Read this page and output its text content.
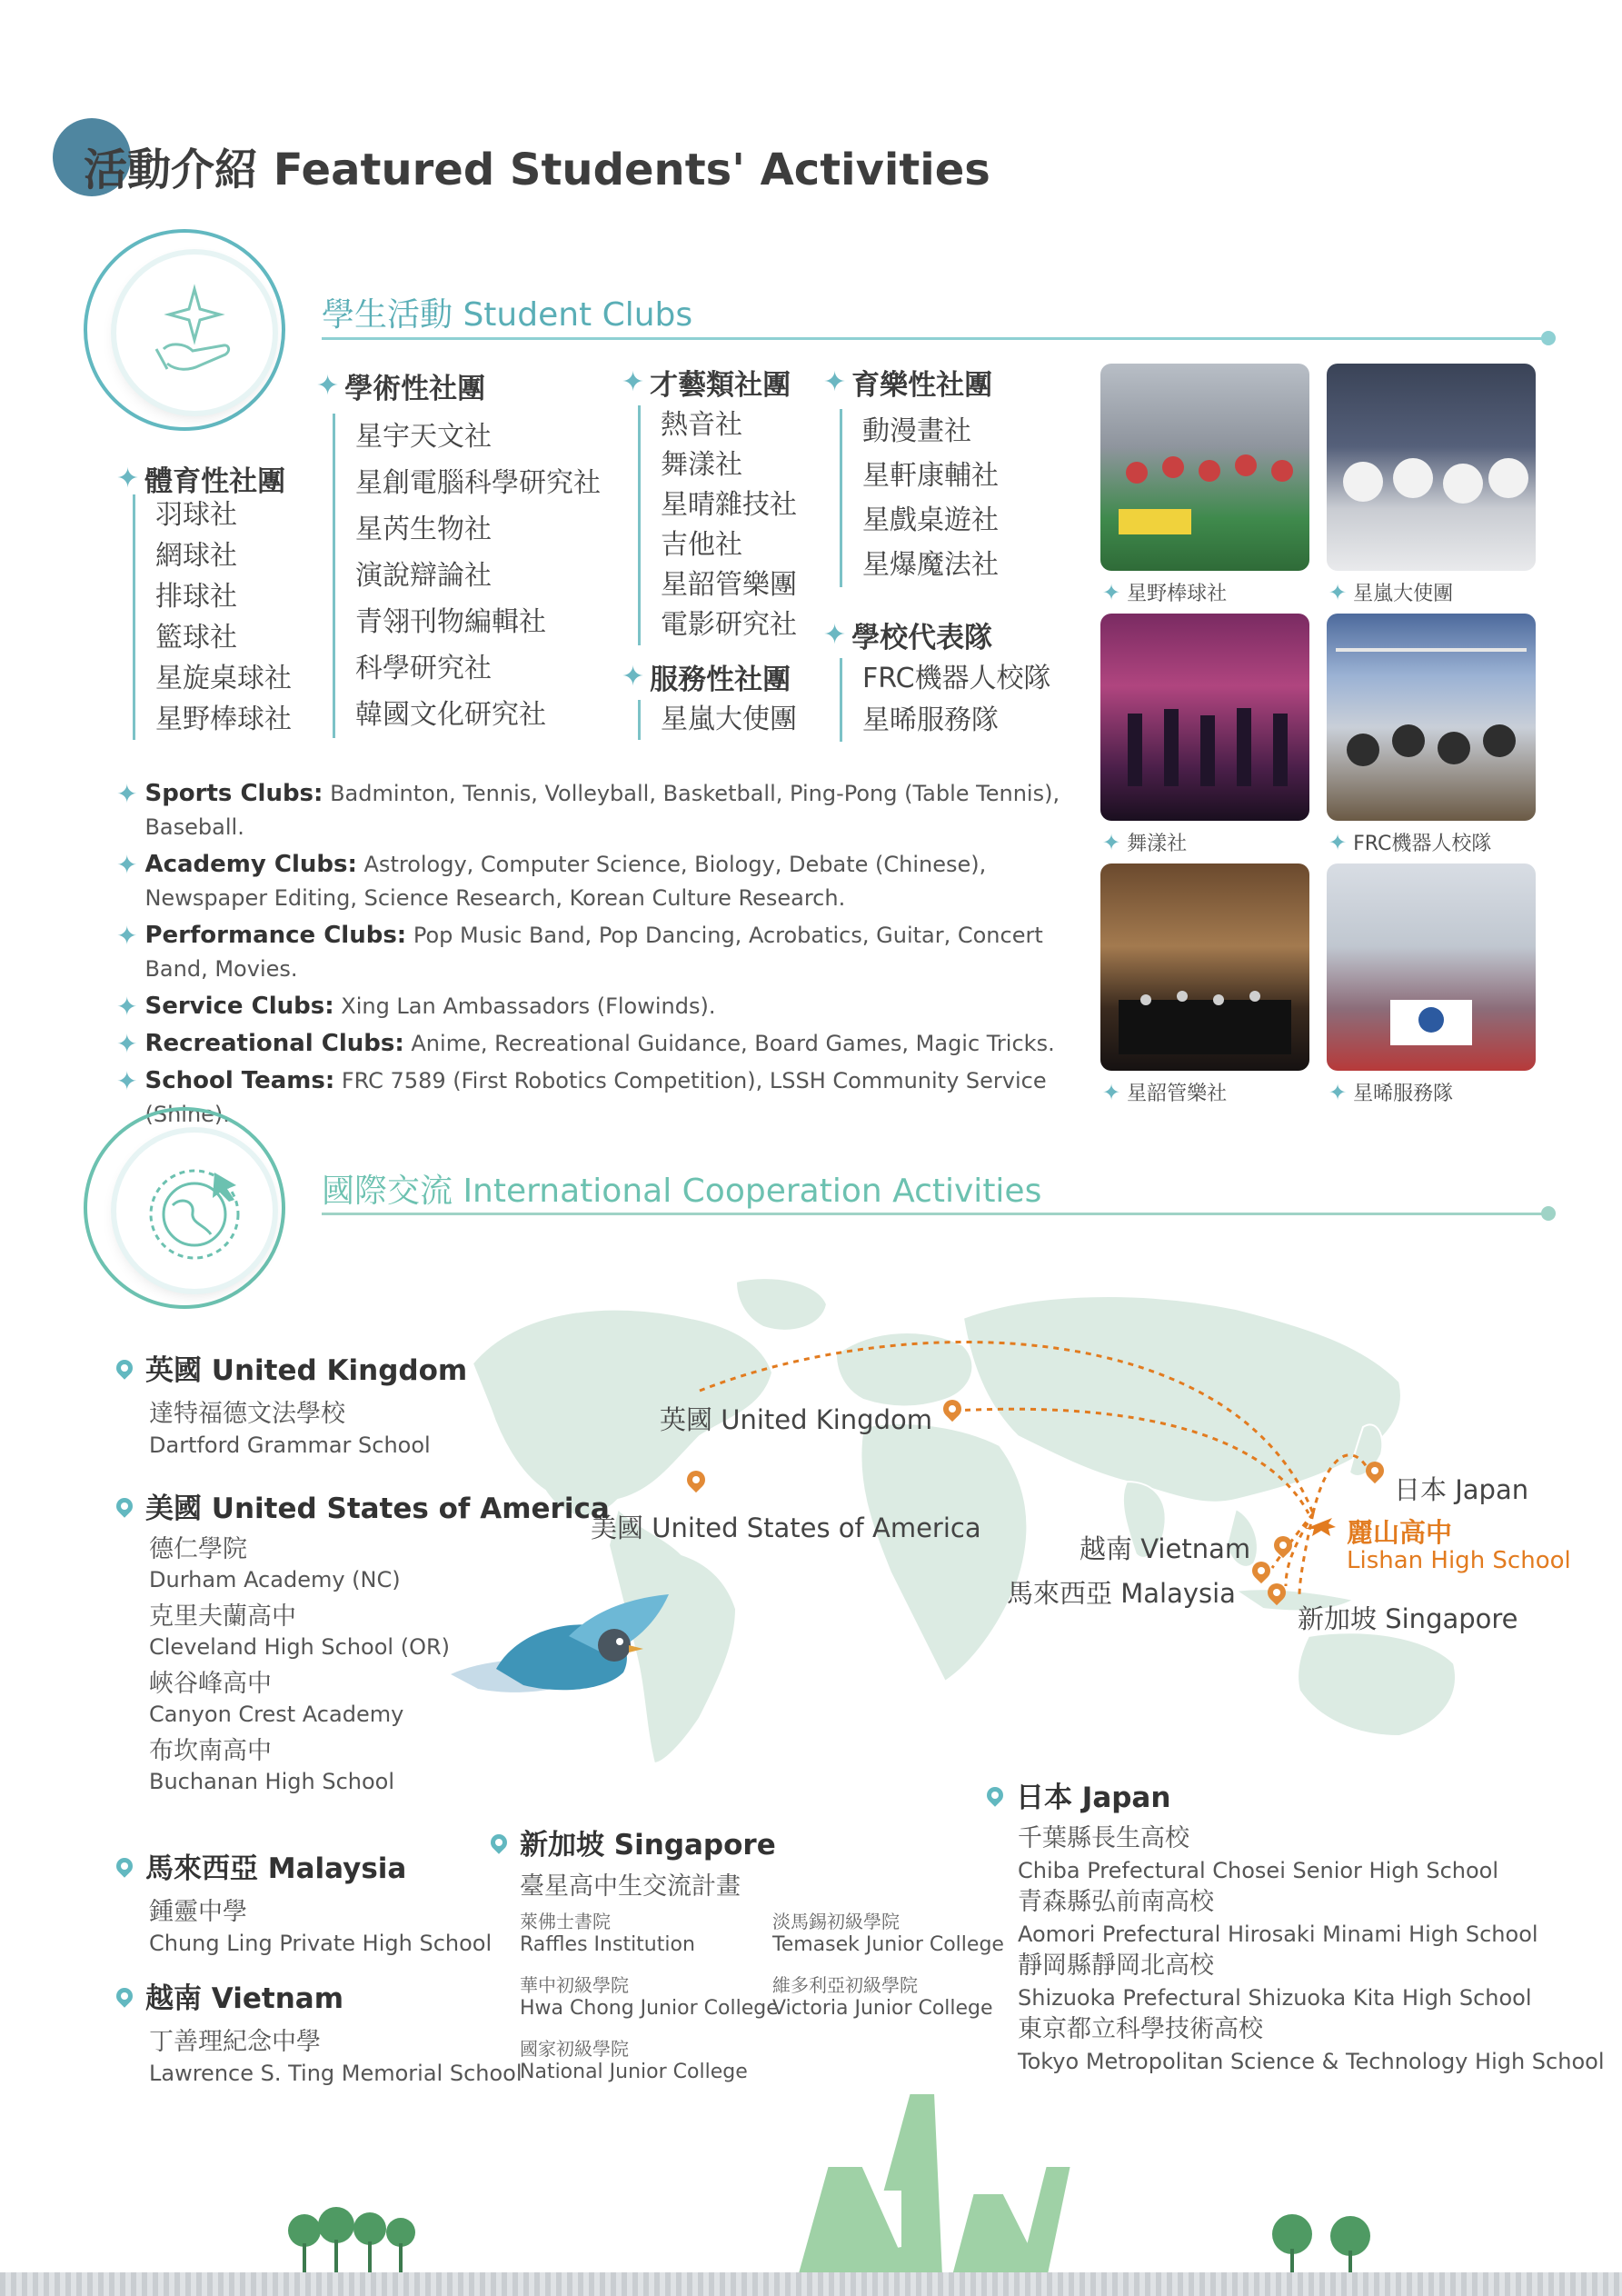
活動介紹 Featured Students' Activities
學生活動 Student Clubs
✦ 體育性社團
羽球社
網球社
排球社
籃球社
星旋桌球社
星野棒球社
✦ 學術性社團
星宇天文社
星創電腦科學研究社
星芮生物社
演說辯論社
青翎刊物編輯社
科學研究社
韓國文化研究社
✦ 才藝類社團
熱音社
舞漾社
星晴雜技社
吉他社
星韶管樂團
電影研究社
✦ 服務性社團
星嵐大使團
✦ 育樂性社團
動漫畫社
星軒康輔社
星戲桌遊社
星爆魔法社
✦ 學校代表隊
FRC機器人校隊
星晞服務隊
✦ Sports Clubs: Badminton, Tennis, Volleyball, Basketball, Ping-Pong (Table Tennis), Baseball.
✦ Academy Clubs: Astrology, Computer Science, Biology, Debate (Chinese), Newspaper Editing, Science Research, Korean Culture Research.
✦ Performance Clubs: Pop Music Band, Pop Dancing, Acrobatics, Guitar, Concert Band, Movies.
✦ Service Clubs: Xing Lan Ambassadors (Flowinds).
✦ Recreational Clubs: Anime, Recreational Guidance, Board Games, Magic Tricks.
✦ School Teams: FRC 7589 (First Robotics Competition), LSSH Community Service (Shine).
✦ 星野棒球社	✦ 星嵐大使團
✦ 舞漾社	✦ FRC機器人校隊
✦ 星韶管樂社	✦ 星晞服務隊
國際交流 International Cooperation Activities
英國 United Kingdom
美國 United States of America
日本 Japan
越南 Vietnam
馬來西亞 Malaysia
新加坡 Singapore
麗山高中
Lishan High School
英國 United Kingdom
達特福德文法學校
Dartford Grammar School
美國 United States of America
德仁學院
Durham Academy (NC)
克里夫蘭高中
Cleveland High School (OR)
峽谷峰高中
Canyon Crest Academy
布坎南高中
Buchanan High School
馬來西亞 Malaysia
鍾靈中學
Chung Ling Private High School
越南 Vietnam
丁善理紀念中學
Lawrence S. Ting Memorial School
新加坡 Singapore
臺星高中生交流計畫
萊佛士書院
Raffles Institution
淡馬錫初級學院
Temasek Junior College
華中初級學院
Hwa Chong Junior College
維多利亞初級學院
Victoria Junior College
國家初級學院
National Junior College
日本 Japan
千葉縣長生高校
Chiba Prefectural Chosei Senior High School
青森縣弘前南高校
Aomori Prefectural Hirosaki Minami High School
靜岡縣靜岡北高校
Shizuoka Prefectural Shizuoka Kita High School
東京都立科學技術高校
Tokyo Metropolitan Science & Technology High School
